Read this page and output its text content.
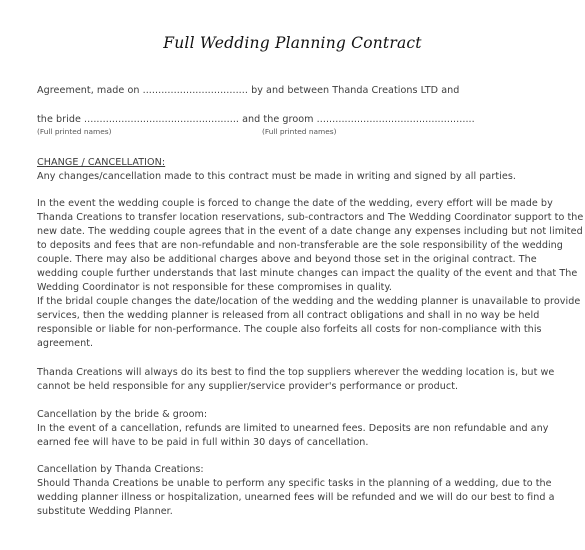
Full Wedding Planning Contract
Agreement, made on .................................. by and between Thanda Creations LTD and
the bride .................................................. and the groom ...................................................
(Full printed names)	(Full printed names)
CHANGE / CANCELLATION:
Any changes/cancellation made to this contract must be made in writing and signed by all parties.
In the event the wedding couple is forced to change the date of the wedding, every effort will be made by
Thanda Creations to transfer location reservations, sub-contractors and The Wedding Coordinator support to the
new date. The wedding couple agrees that in the event of a date change any expenses including but not limited
to deposits and fees that are non-refundable and non-transferable are the sole responsibility of the wedding
couple. There may also be additional charges above and beyond those set in the original contract. The
wedding couple further understands that last minute changes can impact the quality of the event and that The
Wedding Coordinator is not responsible for these compromises in quality.
If the bridal couple changes the date/location of the wedding and the wedding planner is unavailable to provide
services, then the wedding planner is released from all contract obligations and shall in no way be held
responsible or liable for non-performance. The couple also forfeits all costs for non-compliance with this
agreement.
Thanda Creations will always do its best to find the top suppliers wherever the wedding location is, but we
cannot be held responsible for any supplier/service provider's performance or product.
Cancellation by the bride & groom:
In the event of a cancellation, refunds are limited to unearned fees. Deposits are non refundable and any
earned fee will have to be paid in full within 30 days of cancellation.
Cancellation by Thanda Creations:
Should Thanda Creations be unable to perform any specific tasks in the planning of a wedding, due to the
wedding planner illness or hospitalization, unearned fees will be refunded and we will do our best to find a
substitute Wedding Planner.
